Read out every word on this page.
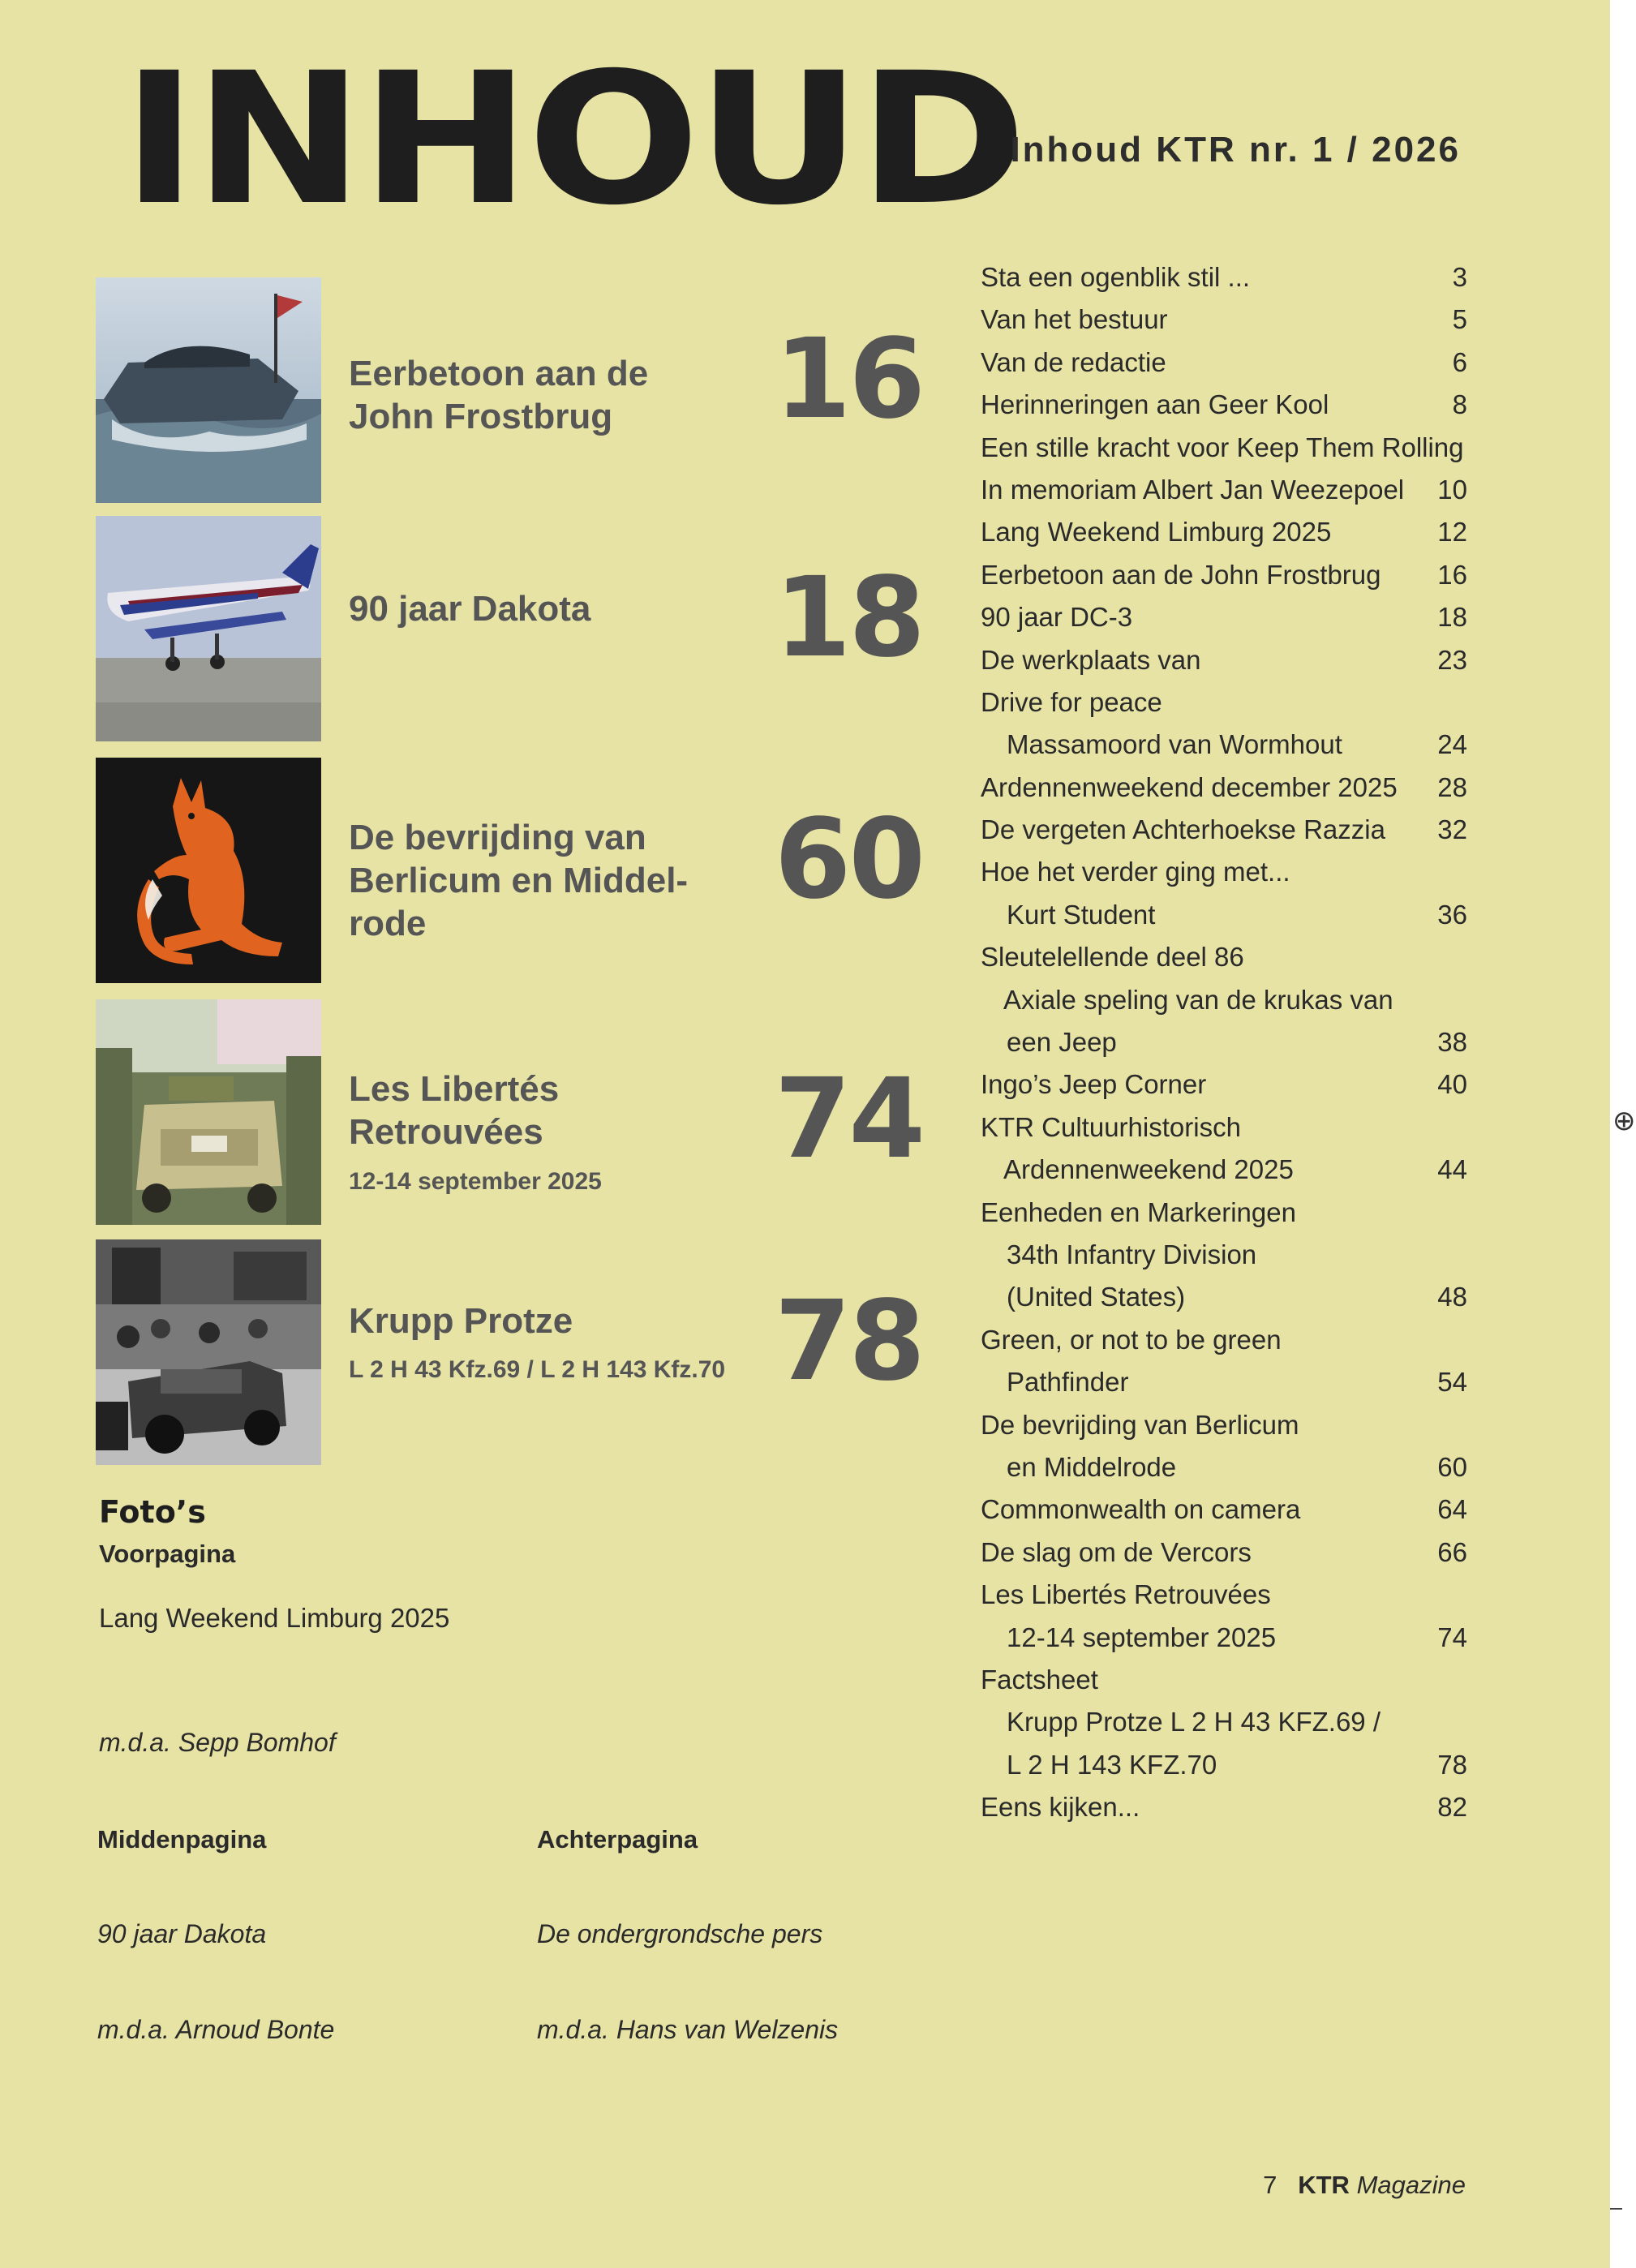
INHOUD
Inhoud KTR nr. 1 / 2026
Eerbetoon aan de
John Frostbrug	16
90 jaar Dakota 18
De bevrijding van
Berlicum en Middel-
rode	60
Les Libertés
Retrouvées
12-14 september 2025 74
Krupp Protze
L 2 H 43 Kfz.69 / L 2 H 143 Kfz.70 78
Sta een ogenblik stil ...	3
Van het bestuur	5
Van de redactie	6
Herinneringen aan Geer Kool	8
Een stille kracht voor Keep Them Rolling
In memoriam Albert Jan Weezepoel 10
Lang Weekend Limburg 2025	12
Eerbetoon aan de John Frostbrug 16
90 jaar DC-3	18
De werkplaats van	23
Drive for peace
Massamoord van Wormhout	24
Ardennenweekend december 2025 28
De vergeten Achterhoekse Razzia 32
Hoe het verder ging met...
Kurt Student	36
Sleutelellende deel 86
Axiale speling van de krukas van
een Jeep	38
Ingo’s Jeep Corner	40
KTR Cultuurhistorisch
Ardennenweekend 2025	44
Eenheden en Markeringen
34th Infantry Division
(United States)	48
Green, or not to be green
Pathfinder	54
De bevrijding van Berlicum
en Middelrode	60
Commonwealth on camera	64
De slag om de Vercors	66
Les Libertés Retrouvées
12-14 september 2025	74
Factsheet
Krupp Protze L 2 H 43 KFZ.69 /
L 2 H 143 KFZ.70	78
Eens kijken...	82
Foto’s
Voorpagina
Lang Weekend Limburg 2025
m.d.a. Sepp Bomhof
Middenpagina
90 jaar Dakota
m.d.a. Arnoud Bonte
Achterpagina
De ondergrondsche pers
m.d.a. Hans van Welzenis
7 KTR Magazine
⊕
